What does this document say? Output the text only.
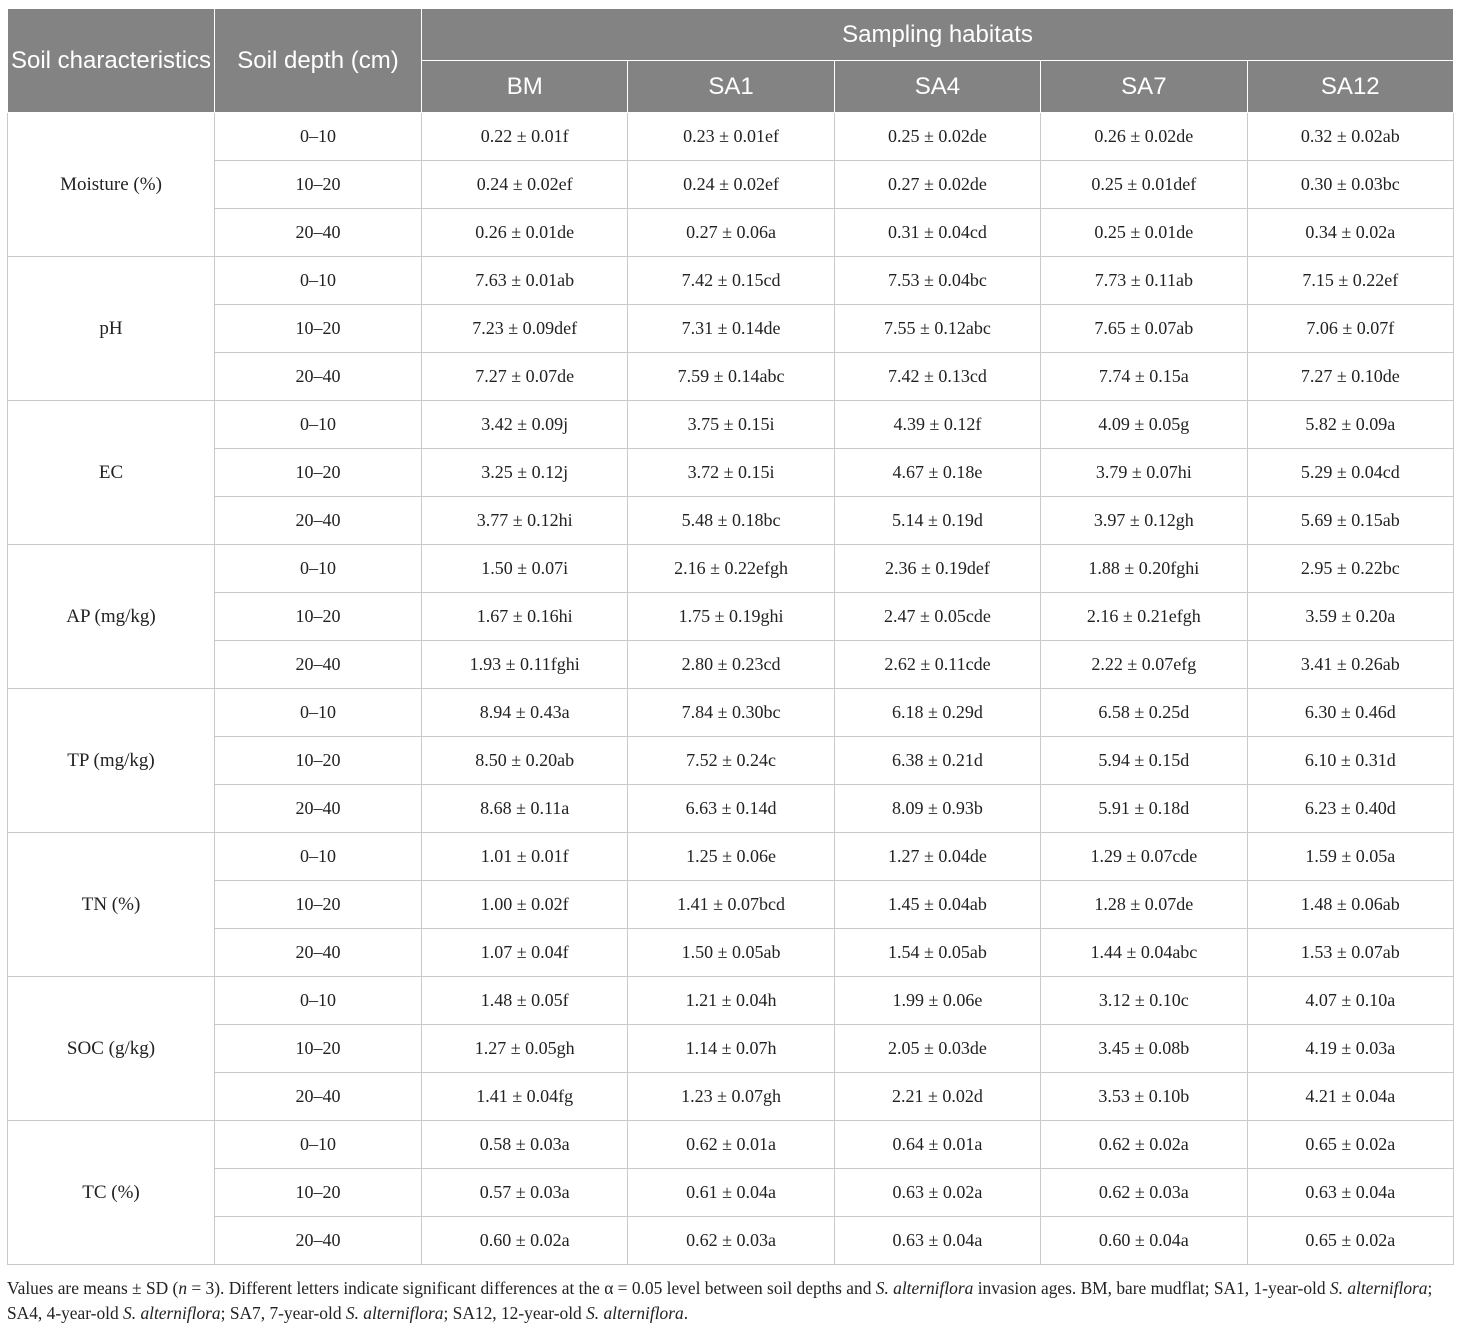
Soil characteristics	Soil depth (cm)	Sampling habitats				
		BM	SA1	SA4	SA7	SA12
Moisture (%)	0–10	0.22 ± 0.01f	0.23 ± 0.01ef	0.25 ± 0.02de	0.26 ± 0.02de	0.32 ± 0.02ab
	10–20	0.24 ± 0.02ef	0.24 ± 0.02ef	0.27 ± 0.02de	0.25 ± 0.01def	0.30 ± 0.03bc
	20–40	0.26 ± 0.01de	0.27 ± 0.06a	0.31 ± 0.04cd	0.25 ± 0.01de	0.34 ± 0.02a
pH	0–10	7.63 ± 0.01ab	7.42 ± 0.15cd	7.53 ± 0.04bc	7.73 ± 0.11ab	7.15 ± 0.22ef
	10–20	7.23 ± 0.09def	7.31 ± 0.14de	7.55 ± 0.12abc	7.65 ± 0.07ab	7.06 ± 0.07f
	20–40	7.27 ± 0.07de	7.59 ± 0.14abc	7.42 ± 0.13cd	7.74 ± 0.15a	7.27 ± 0.10de
EC	0–10	3.42 ± 0.09j	3.75 ± 0.15i	4.39 ± 0.12f	4.09 ± 0.05g	5.82 ± 0.09a
	10–20	3.25 ± 0.12j	3.72 ± 0.15i	4.67 ± 0.18e	3.79 ± 0.07hi	5.29 ± 0.04cd
	20–40	3.77 ± 0.12hi	5.48 ± 0.18bc	5.14 ± 0.19d	3.97 ± 0.12gh	5.69 ± 0.15ab
AP (mg/kg)	0–10	1.50 ± 0.07i	2.16 ± 0.22efgh	2.36 ± 0.19def	1.88 ± 0.20fghi	2.95 ± 0.22bc
	10–20	1.67 ± 0.16hi	1.75 ± 0.19ghi	2.47 ± 0.05cde	2.16 ± 0.21efgh	3.59 ± 0.20a
	20–40	1.93 ± 0.11fghi	2.80 ± 0.23cd	2.62 ± 0.11cde	2.22 ± 0.07efg	3.41 ± 0.26ab
TP (mg/kg)	0–10	8.94 ± 0.43a	7.84 ± 0.30bc	6.18 ± 0.29d	6.58 ± 0.25d	6.30 ± 0.46d
	10–20	8.50 ± 0.20ab	7.52 ± 0.24c	6.38 ± 0.21d	5.94 ± 0.15d	6.10 ± 0.31d
	20–40	8.68 ± 0.11a	6.63 ± 0.14d	8.09 ± 0.93b	5.91 ± 0.18d	6.23 ± 0.40d
TN (%)	0–10	1.01 ± 0.01f	1.25 ± 0.06e	1.27 ± 0.04de	1.29 ± 0.07cde	1.59 ± 0.05a
	10–20	1.00 ± 0.02f	1.41 ± 0.07bcd	1.45 ± 0.04ab	1.28 ± 0.07de	1.48 ± 0.06ab
	20–40	1.07 ± 0.04f	1.50 ± 0.05ab	1.54 ± 0.05ab	1.44 ± 0.04abc	1.53 ± 0.07ab
SOC (g/kg)	0–10	1.48 ± 0.05f	1.21 ± 0.04h	1.99 ± 0.06e	3.12 ± 0.10c	4.07 ± 0.10a
	10–20	1.27 ± 0.05gh	1.14 ± 0.07h	2.05 ± 0.03de	3.45 ± 0.08b	4.19 ± 0.03a
	20–40	1.41 ± 0.04fg	1.23 ± 0.07gh	2.21 ± 0.02d	3.53 ± 0.10b	4.21 ± 0.04a
TC (%)	0–10	0.58 ± 0.03a	0.62 ± 0.01a	0.64 ± 0.01a	0.62 ± 0.02a	0.65 ± 0.02a
	10–20	0.57 ± 0.03a	0.61 ± 0.04a	0.63 ± 0.02a	0.62 ± 0.03a	0.63 ± 0.04a
	20–40	0.60 ± 0.02a	0.62 ± 0.03a	0.63 ± 0.04a	0.60 ± 0.04a	0.65 ± 0.02a

Values are means ± SD (n = 3). Different letters indicate significant differences at the α = 0.05 level between soil depths and S. alterniflora invasion ages. BM, bare mudflat; SA1, 1-year-old S. alterniflora; SA4, 4-year-old S. alterniflora; SA7, 7-year-old S. alterniflora; SA12, 12-year-old S. alterniflora.
